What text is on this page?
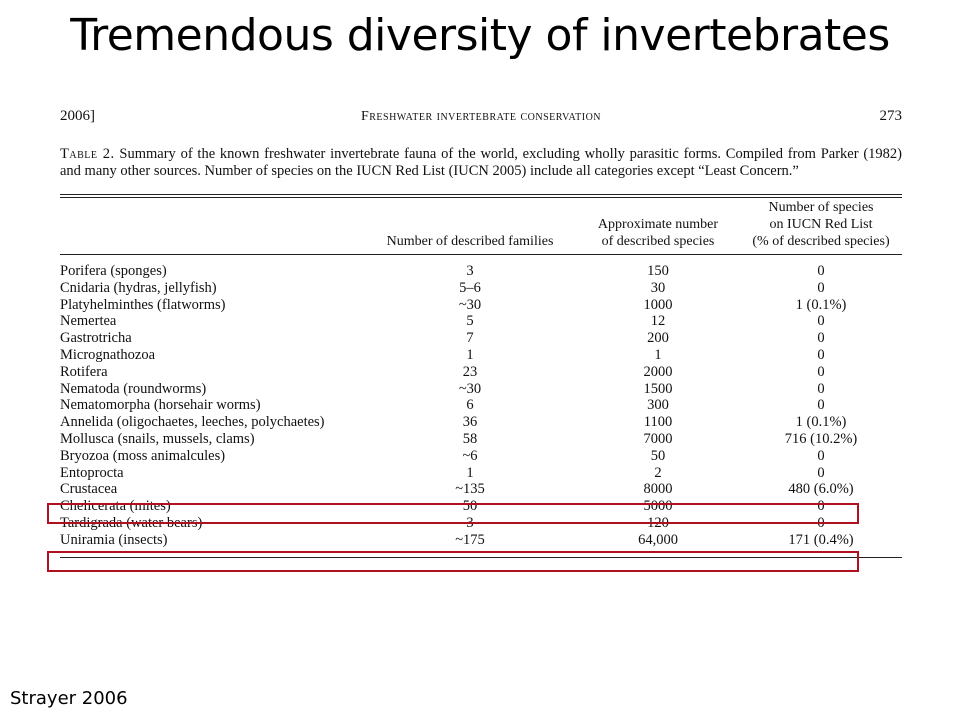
Tremendous diversity of invertebrates
2006]	Freshwater invertebrate conservation	273
Table 2. Summary of the known freshwater invertebrate fauna of the world, excluding wholly parasitic forms. Compiled from Parker (1982) and many other sources. Number of species on the IUCN Red List (IUCN 2005) include all categories except “Least Concern.”
Number of described families
Approximate number
of described species
Number of species
on IUCN Red List
(% of described species)
Porifera (sponges)	3	150	0
Cnidaria (hydras, jellyfish)	5–6	30	0
Platyhelminthes (flatworms)	~30	1000	1 (0.1%)
Nemertea	5	12	0
Gastrotricha	7	200	0
Micrognathozoa	1	1	0
Rotifera	23	2000	0
Nematoda (roundworms)	~30	1500	0
Nematomorpha (horsehair worms)	6	300	0
Annelida (oligochaetes, leeches, polychaetes)	36	1100	1 (0.1%)
Mollusca (snails, mussels, clams)	58	7000	716 (10.2%)
Bryozoa (moss animalcules)	~6	50	0
Entoprocta	1	2	0
Crustacea	~135	8000	480 (6.0%)
Chelicerata (mites)	50	5000	0
Tardigrada (water bears)	3	120	0
Uniramia (insects)	~175	64,000	171 (0.4%)
Strayer 2006
